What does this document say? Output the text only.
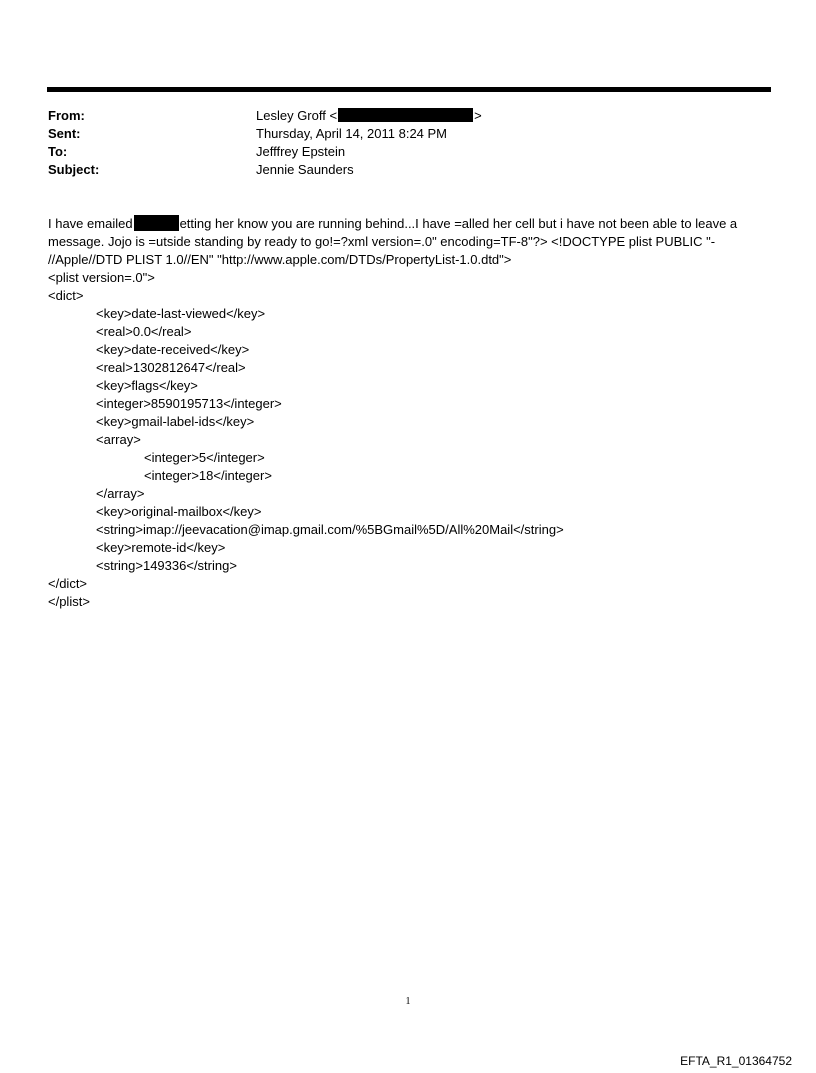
From:	Lesley Groff <	>
Sent:	Thursday, April 14, 2011 8:24 PM
To:	Jefffrey Epstein
Subject:	Jennie Saunders

I have emailed	etting her know you are running behind...I have =alled her cell but i have not been able to leave a
message. Jojo is =utside standing by ready to go!=?xml version=.0" encoding=TF-8"?> <!DOCTYPE plist PUBLIC "-
//Apple//DTD PLIST 1.0//EN" "http://www.apple.com/DTDs/PropertyList-1.0.dtd">

<plist version=.0">
<dict>
<key>date-last-viewed</key>
<real>0.0</real>
<key>date-received</key>
<real>1302812647</real>
<key>flags</key>
<integer>8590195713</integer>
<key>gmail-label-ids</key>
<array>
<integer>5</integer>
<integer>18</integer>
</array>
<key>original-mailbox</key>
<string>imap://jeevacation@imap.gmail.com/%5BGmail%5D/All%20Mail</string>
<key>remote-id</key>
<string>149336</string>
</dict>
</plist>
1
EFTA_R1_01364752
